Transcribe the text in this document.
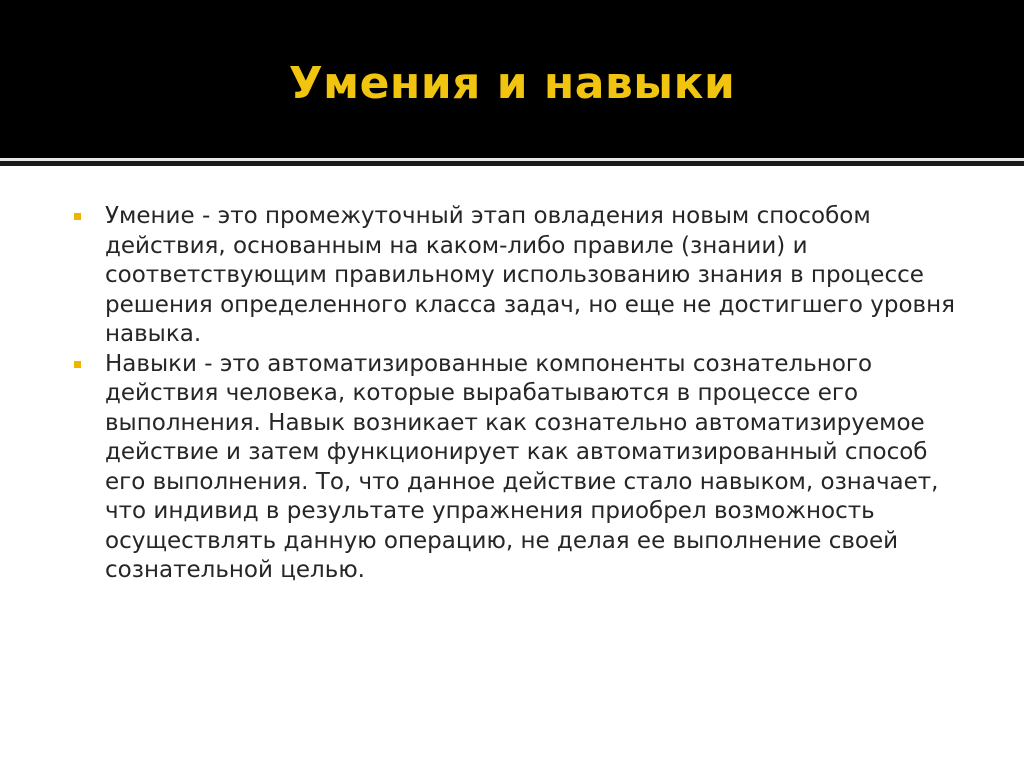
Умения и навыки
Умение - это промежуточный этап овладения новым способом действия, основанным на каком-либо правиле (знании) и соответствующим правильному использованию знания в процессе решения определенного класса задач, но еще не достигшего уровня навыка.
Навыки - это автоматизированные компоненты сознательного действия человека, которые вырабатываются в процессе его выполнения. Навык возникает как сознательно автоматизируемое действие и затем функционирует как автоматизированный способ его выполнения. То, что данное действие стало навыком, означает, что индивид в результате упражнения приобрел возможность осуществлять данную операцию, не делая ее выполнение своей сознательной целью.
